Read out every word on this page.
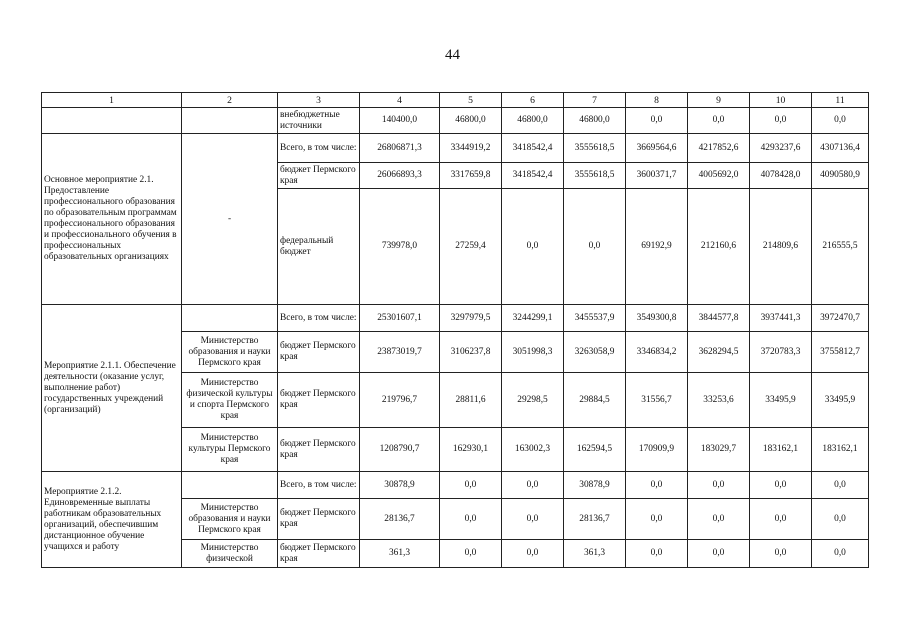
44
1	2	3	4	5	6	7	8	9	10	11
		внебюджетные источники	140400,0	46800,0	46800,0	46800,0	0,0	0,0	0,0	0,0
Основное мероприятие 2.1. Предоставление профессионального образования по образовательным программам профессионального образования и профессионального обучения в профессиональных образовательных организациях	-	Всего, в том числе:	26806871,3	3344919,2	3418542,4	3555618,5	3669564,6	4217852,6	4293237,6	4307136,4
		бюджет Пермского края	26066893,3	3317659,8	3418542,4	3555618,5	3600371,7	4005692,0	4078428,0	4090580,9
		федеральный бюджет	739978,0	27259,4	0,0	0,0	69192,9	212160,6	214809,6	216555,5
Мероприятие 2.1.1. Обеспечение деятельности (оказание услуг, выполнение работ) государственных учреждений (организаций)		Всего, в том числе:	25301607,1	3297979,5	3244299,1	3455537,9	3549300,8	3844577,8	3937441,3	3972470,7
	Министерство образования и науки Пермского края	бюджет Пермского края	23873019,7	3106237,8	3051998,3	3263058,9	3346834,2	3628294,5	3720783,3	3755812,7
	Министерство физической культуры и спорта Пермского края	бюджет Пермского края	219796,7	28811,6	29298,5	29884,5	31556,7	33253,6	33495,9	33495,9
	Министерство культуры Пермского края	бюджет Пермского края	1208790,7	162930,1	163002,3	162594,5	170909,9	183029,7	183162,1	183162,1
Мероприятие 2.1.2. Единовременные выплаты работникам образовательных организаций, обеспечившим дистанционное обучение учащихся и работу		Всего, в том числе:	30878,9	0,0	0,0	30878,9	0,0	0,0	0,0	0,0
	Министерство образования и науки Пермского края	бюджет Пермского края	28136,7	0,0	0,0	28136,7	0,0	0,0	0,0	0,0
	Министерство физической	бюджет Пермского края	361,3	0,0	0,0	361,3	0,0	0,0	0,0	0,0
